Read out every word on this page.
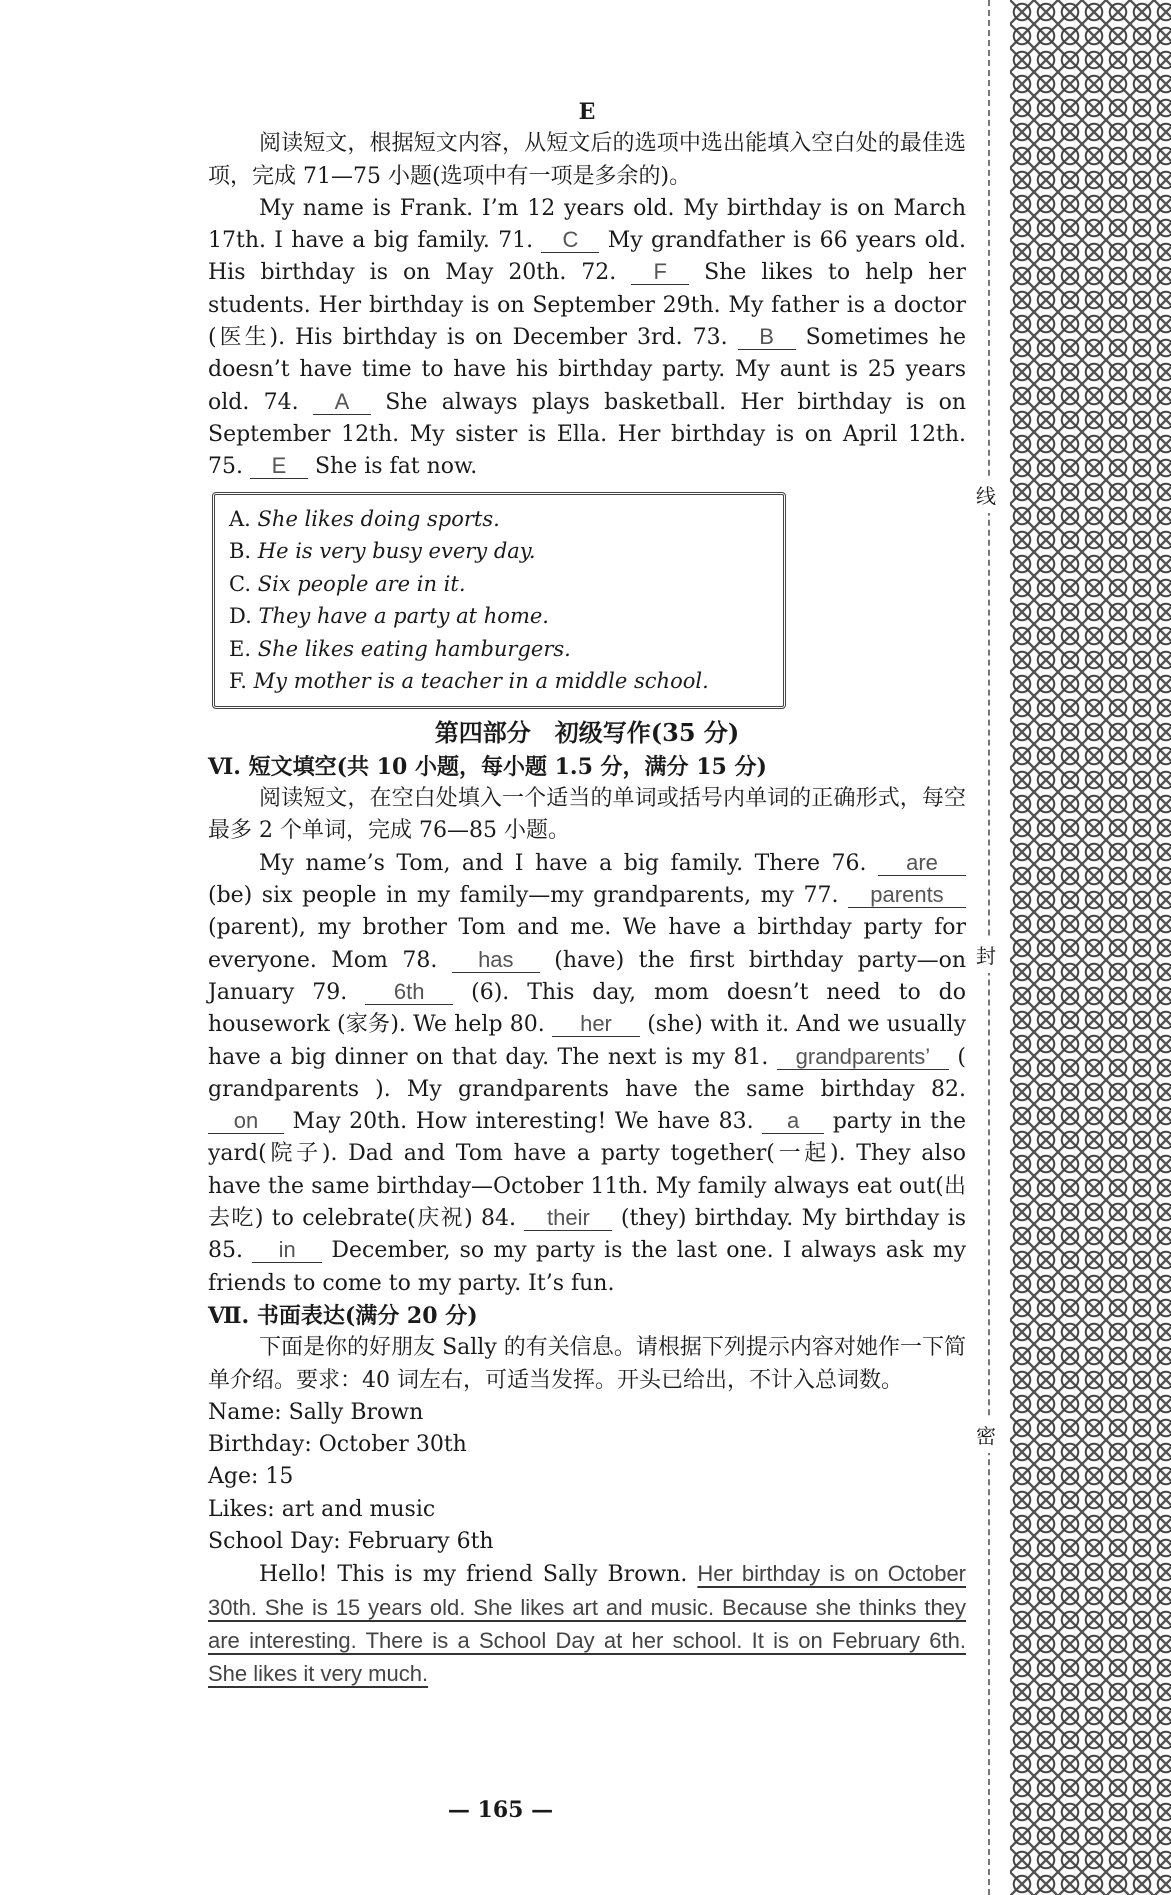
E

阅读短文，根据短文内容，从短文后的选项中选出能填入空白处的最佳选项，完成 71—75 小题(选项中有一项是多余的)。

My name is Frank. I’m 12 years old. My birthday is on March 17th. I have a big family. 71. C My grandfather is 66 years old. His birthday is on May 20th. 72. F She likes to help her students. Her birthday is on September 29th. My father is a doctor (医生). His birthday is on December 3rd. 73. B Sometimes he doesn’t have time to have his birthday party. My aunt is 25 years old. 74. A She always plays basketball. Her birthday is on September 12th. My sister is Ella. Her birthday is on April 12th. 75. E She is fat now.

A. She likes doing sports.
B. He is very busy every day.
C. Six people are in it.
D. They have a party at home.
E. She likes eating hamburgers.
F. My mother is a teacher in a middle school.
第四部分　初级写作(35 分)
Ⅵ. 短文填空(共 10 小题，每小题 1.5 分，满分 15 分)

阅读短文，在空白处填入一个适当的单词或括号内单词的正确形式，每空最多 2 个单词，完成 76—85 小题。

My name’s Tom, and I have a big family. There 76. are (be) six people in my family—my grandparents, my 77. parents (parent), my brother Tom and me. We have a birthday party for everyone. Mom 78. has (have) the first birthday party—on January 79. 6th (6). This day, mom doesn’t need to do housework (家务). We help 80. her (she) with it. And we usually have a big dinner on that day. The next is my 81. grandparents’ ( grandparents ). My grandparents have the same birthday 82. on May 20th. How interesting! We have 83. a party in the yard(院子). Dad and Tom have a party together(一起). They also have the same birthday—October 11th. My family always eat out(出去吃) to celebrate(庆祝) 84. their (they) birthday. My birthday is 85. in December, so my party is the last one. I always ask my friends to come to my party. It’s fun.

Ⅶ. 书面表达(满分 20 分)

下面是你的好朋友 Sally 的有关信息。请根据下列提示内容对她作一下简单介绍。要求：40 词左右，可适当发挥。开头已给出，不计入总词数。

Name: Sally Brown
Birthday: October 30th
Age: 15
Likes: art and music
School Day: February 6th

Hello! This is my friend Sally Brown. Her birthday is on October 30th. She is 15 years old. She likes art and music. Because she thinks they are interesting. There is a School Day at her school. It is on February 6th. She likes it very much.

— 165 —
线
封
密
